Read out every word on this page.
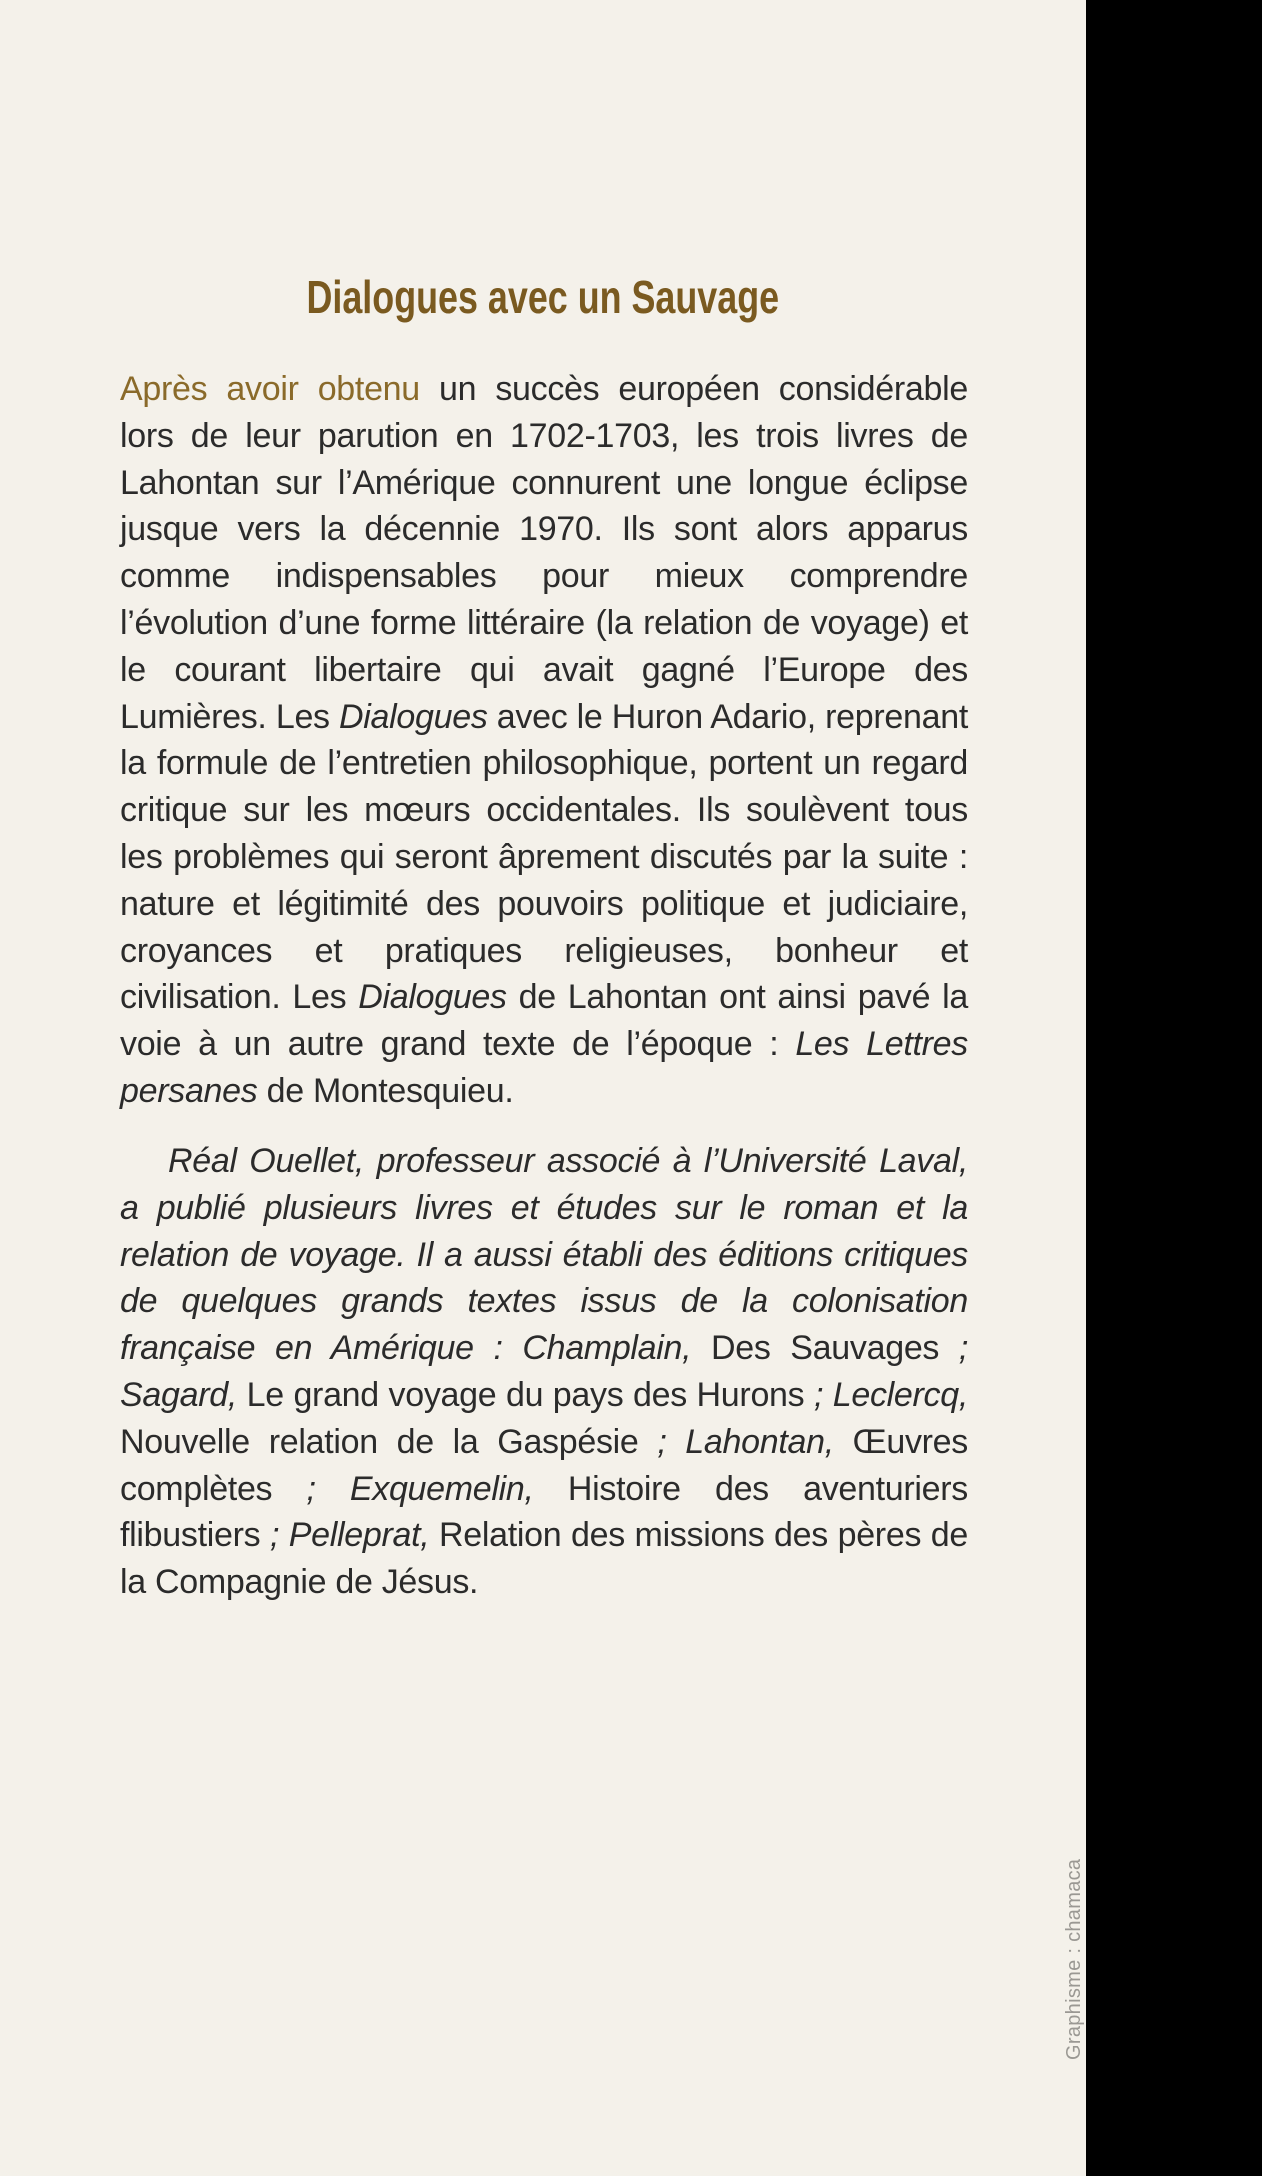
Dialogues avec un Sauvage

Après avoir obtenu un succès européen considérable lors de leur parution en 1702-1703, les trois livres de Lahontan sur l’Amérique connurent une longue éclipse jusque vers la décennie 1970. Ils sont alors apparus comme indispensables pour mieux comprendre l’évolution d’une forme littéraire (la relation de voyage) et le courant libertaire qui avait gagné l’Europe des Lumières. Les Dialogues avec le Huron Adario, reprenant la formule de l’entretien philosophique, portent un regard critique sur les mœurs occidentales. Ils soulèvent tous les problèmes qui seront âprement discutés par la suite : nature et légitimité des pouvoirs politique et judiciaire, croyances et pratiques religieuses, bonheur et civilisation. Les Dialogues de Lahontan ont ainsi pavé la voie à un autre grand texte de l’époque : Les Lettres persanes de Montesquieu.

Réal Ouellet, professeur associé à l’Université Laval, a publié plusieurs livres et études sur le roman et la relation de voyage. Il a aussi établi des éditions critiques de quelques grands textes issus de la colonisation française en Amérique : Champlain, Des Sauvages ; Sagard, Le grand voyage du pays des Hurons ; Leclercq, Nouvelle relation de la Gaspésie ; Lahontan, Œuvres complètes ; Exquemelin, Histoire des aventuriers flibustiers ; Pelleprat, Relation des missions des pères de la Compagnie de Jésus.

Graphisme : chamaca
